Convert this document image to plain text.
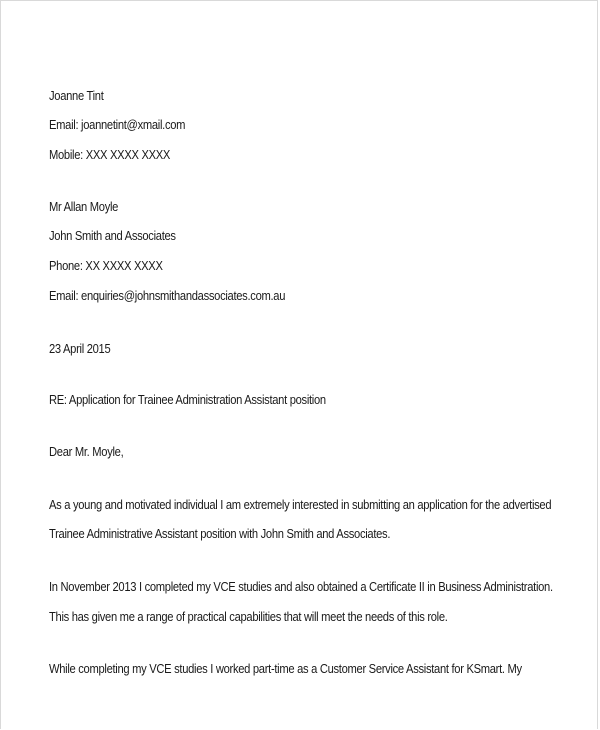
Joanne Tint
Email: joannetint@xmail.com
Mobile: XXX XXXX XXXX
Mr Allan Moyle
John Smith and Associates
Phone: XX XXXX XXXX
Email: enquiries@johnsmithandassociates.com.au
23 April 2015
RE: Application for Trainee Administration Assistant position
Dear Mr. Moyle,
As a young and motivated individual I am extremely interested in submitting an application for the advertised
Trainee Administrative Assistant position with John Smith and Associates.
In November 2013 I completed my VCE studies and also obtained a Certificate II in Business Administration.
This has given me a range of practical capabilities that will meet the needs of this role.
While completing my VCE studies I worked part-time as a Customer Service Assistant for KSmart. My
